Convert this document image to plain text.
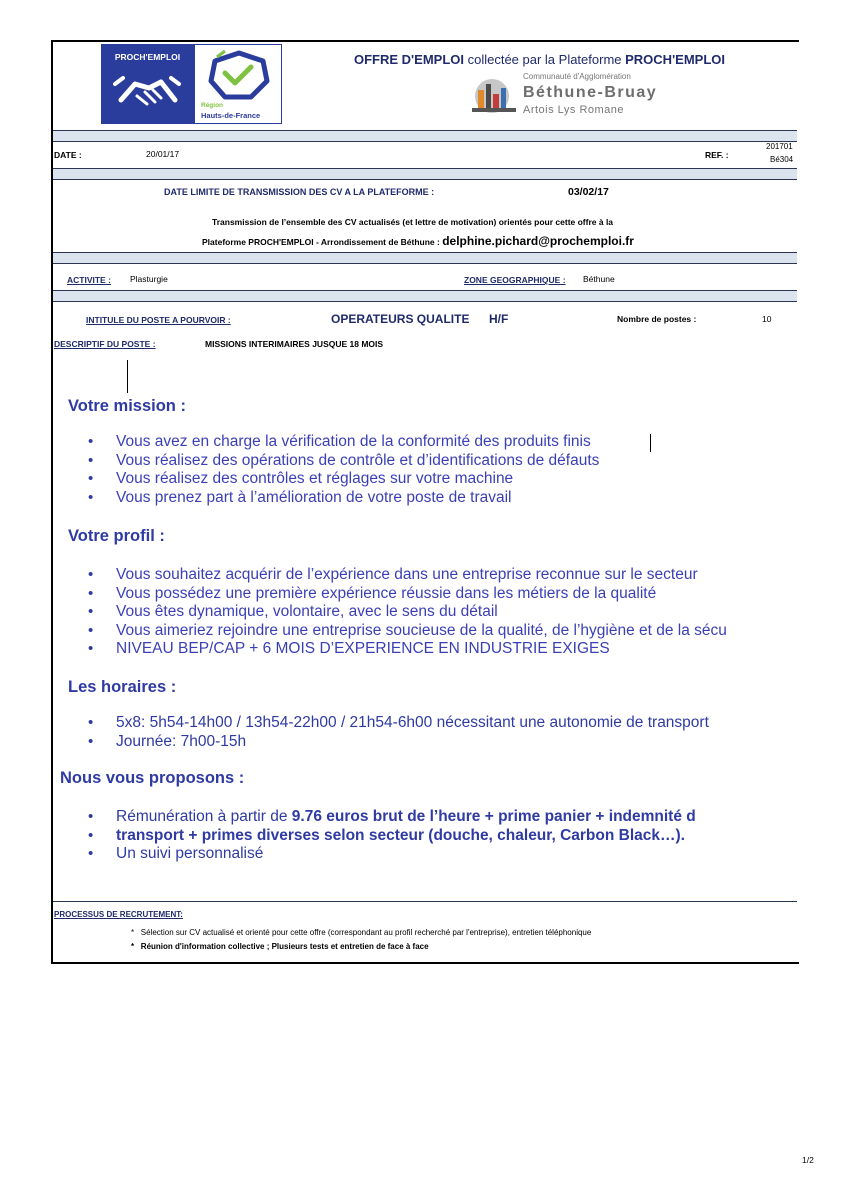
PROCH'EMPLOI
Région
Hauts-de-France
OFFRE D'EMPLOI collectée par la Plateforme PROCH'EMPLOI
Communauté d'Agglomération
Béthune-Bruay
Artois Lys Romane
DATE :	20/01/17	REF. :
201701
Bé304
DATE LIMITE DE TRANSMISSION DES CV A LA PLATEFORME :	03/02/17
Transmission de l’ensemble des CV actualisés (et lettre de motivation) orientés pour cette offre à la
Plateforme PROCH'EMPLOI - Arrondissement de Béthune : delphine.pichard@prochemploi.fr
ACTIVITE : Plasturgie	ZONE GEOGRAPHIQUE : Béthune
INTITULE DU POSTE A POURVOIR :	OPERATEURS QUALITE H/F	Nombre de postes :	10
DESCRIPTIF DU POSTE :	MISSIONS INTERIMAIRES JUSQUE 18 MOIS
Votre mission :
• Vous avez en charge la vérification de la conformité des produits finis
• Vous réalisez des opérations de contrôle et d’identifications de défauts
• Vous réalisez des contrôles et réglages sur votre machine
• Vous prenez part à l’amélioration de votre poste de travail
Votre profil :
• Vous souhaitez acquérir de l’expérience dans une entreprise reconnue sur le secteur
• Vous possédez une première expérience réussie dans les métiers de la qualité
• Vous êtes dynamique, volontaire, avec le sens du détail
• Vous aimeriez rejoindre une entreprise soucieuse de la qualité, de l’hygiène et de la sécu
• NIVEAU BEP/CAP + 6 MOIS D’EXPERIENCE EN INDUSTRIE EXIGES
Les horaires :
• 5x8: 5h54-14h00 / 13h54-22h00 / 21h54-6h00 nécessitant une autonomie de transport
• Journée: 7h00-15h
Nous vous proposons :
• Rémunération à partir de 9.76 euros brut de l’heure + prime panier + indemnité d
• transport + primes diverses selon secteur (douche, chaleur, Carbon Black…).
• Un suivi personnalisé
PROCESSUS DE RECRUTEMENT:
* Sélection sur CV actualisé et orienté pour cette offre (correspondant au profil recherché par l'entreprise), entretien téléphonique
* Réunion d'information collective ; Plusieurs tests et entretien de face à face
1/2
